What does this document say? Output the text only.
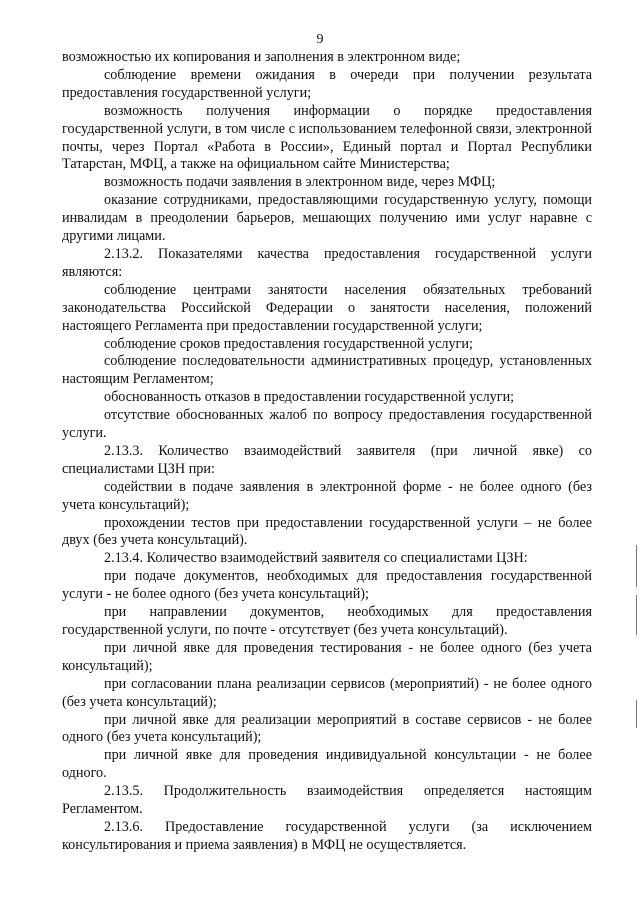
9

возможностью их копирования и заполнения в электронном виде;

соблюдение времени ожидания в очереди при получении результата предоставления государственной услуги;

возможность получения информации о порядке предоставления государственной услуги, в том числе с использованием телефонной связи, электронной почты, через Портал «Работа в России», Единый портал и Портал Республики Татарстан, МФЦ, а также на официальном сайте Министерства;

возможность подачи заявления в электронном виде, через МФЦ;

оказание сотрудниками, предоставляющими государственную услугу, помощи инвалидам в преодолении барьеров, мешающих получению ими услуг наравне с другими лицами.

2.13.2. Показателями качества предоставления государственной услуги являются:

соблюдение центрами занятости населения обязательных требований законодательства Российской Федерации о занятости населения, положений настоящего Регламента при предоставлении государственной услуги;

соблюдение сроков предоставления государственной услуги;

соблюдение последовательности административных процедур, установленных настоящим Регламентом;

обоснованность отказов в предоставлении государственной услуги;

отсутствие обоснованных жалоб по вопросу предоставления государственной услуги.

2.13.3. Количество взаимодействий заявителя (при личной явке) со специалистами ЦЗН при:

содействии в подаче заявления в электронной форме - не более одного (без учета консультаций);

прохождении тестов при предоставлении государственной услуги – не более двух (без учета консультаций).

2.13.4. Количество взаимодействий заявителя со специалистами ЦЗН:

при подаче документов, необходимых для предоставления государственной услуги - не более одного (без учета консультаций);

при направлении документов, необходимых для предоставления государственной услуги, по почте - отсутствует (без учета консультаций).

при личной явке для проведения тестирования - не более одного (без учета консультаций);

при согласовании плана реализации сервисов (мероприятий) - не более одного (без учета консультаций);

при личной явке для реализации мероприятий в составе сервисов - не более одного (без учета консультаций);

при личной явке для проведения индивидуальной консультации - не более одного.

2.13.5. Продолжительность взаимодействия определяется настоящим Регламентом.

2.13.6. Предоставление государственной услуги (за исключением консультирования и приема заявления) в МФЦ не осуществляется.
